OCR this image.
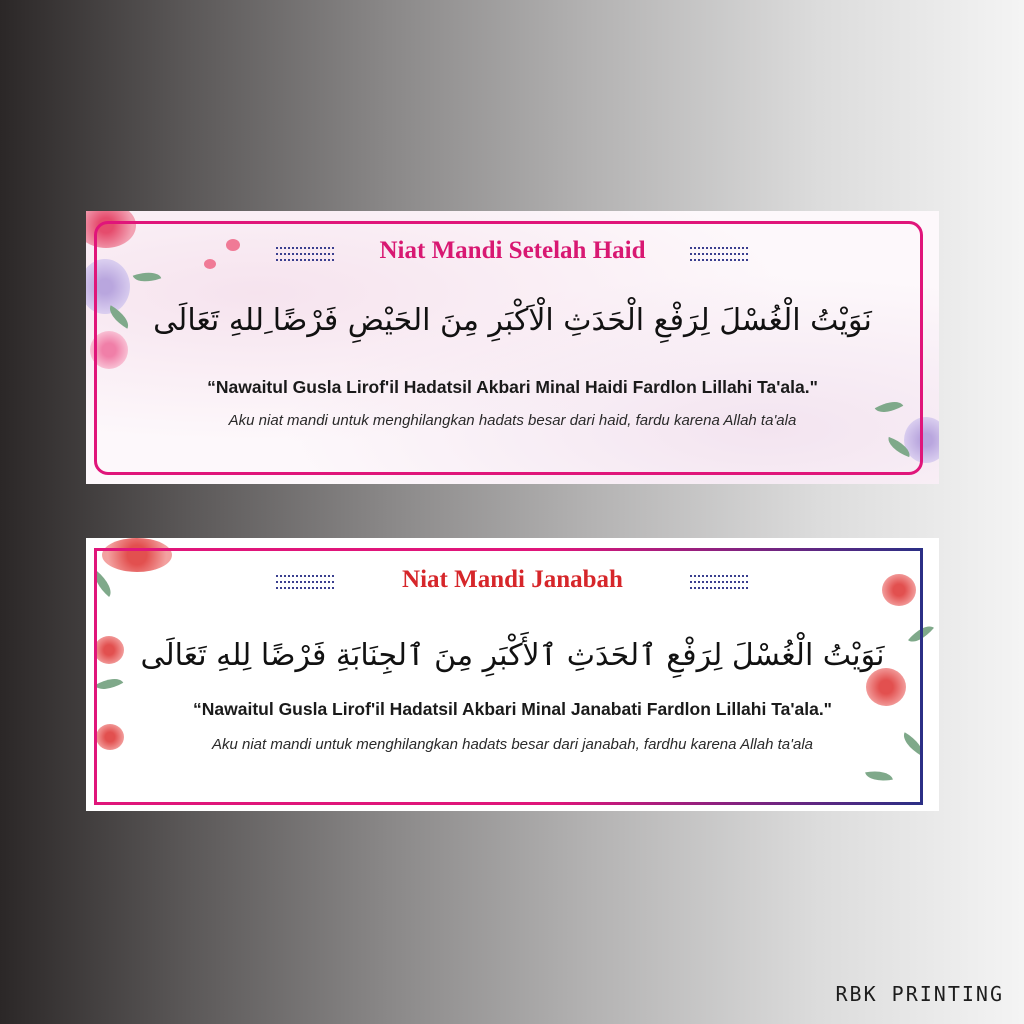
Niat Mandi Setelah Haid
نَوَيْتُ الْغُسْلَ لِرَفْعِ الْحَدَثِ الْاَكْبَرِ مِنَ الحَيْضِ فَرْضًا ِللهِ تَعَالَى
“Nawaitul Gusla Lirof'il Hadatsil Akbari Minal Haidi Fardlon Lillahi Ta'ala."
Aku niat mandi untuk menghilangkan hadats besar dari haid, fardu karena Allah ta'ala
Niat Mandi Janabah
نَوَيْتُ الْغُسْلَ لِرَفْعِ ٱلحَدَثِ ٱلأَكْبَرِ مِنَ ٱلجِنَابَةِ فَرْضًا لِلهِ تَعَالَى
“Nawaitul Gusla Lirof'il Hadatsil Akbari Minal Janabati Fardlon Lillahi Ta'ala."
Aku niat mandi untuk menghilangkan hadats besar dari janabah, fardhu karena Allah ta'ala
RBK PRINTING
